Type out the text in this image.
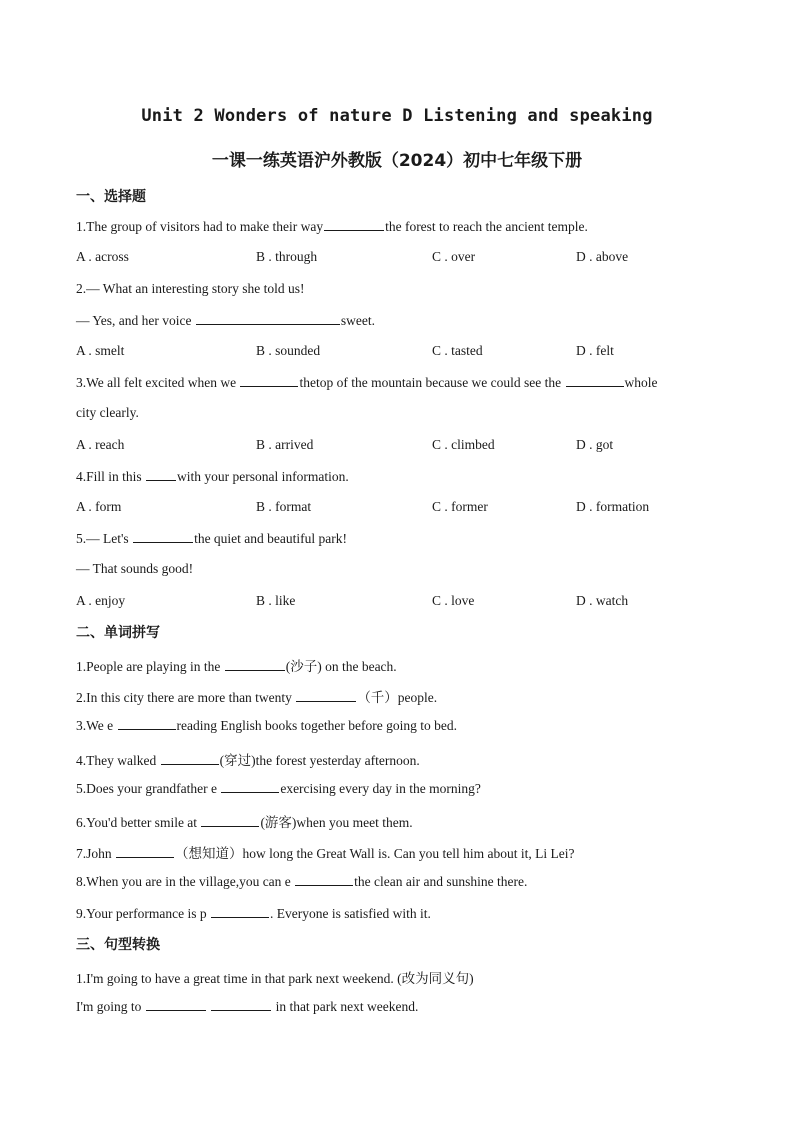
Unit 2 Wonders of nature D Listening and speaking
一课一练英语沪外教版（2024）初中七年级下册
一、选择题
1.The group of visitors had to make their way	the forest to reach the ancient temple.
A . across	B . through	C . over	D . above
2.— What an interesting story she told us!
— Yes, and her voice	sweet.
A . smelt	B . sounded	C . tasted	D . felt
3.We all felt excited when we	thetop of the mountain because we could see the	whole
city clearly.
A . reach	B . arrived	C . climbed	D . got
4.Fill in this with your personal information.
A . form	B . format	C . former	D . formation
5.— Let's	the quiet and beautiful park!
— That sounds good!
A . enjoy	B . like	C . love	D . watch
二、单词拼写
1.People are playing in the	(沙子) on the beach.
2.In this city there are more than twenty	（千）people.
3.We e	reading English books together before going to bed.
4.They walked	(穿过)the forest yesterday afternoon.
5.Does your grandfather e	exercising every day in the morning?
6.You'd better smile at	(游客)when you meet them.
7.John	（想知道）how long the Great Wall is. Can you tell him about it, Li Lei?
8.When you are in the village,you can e	the clean air and sunshine there.
9.Your performance is p	. Everyone is satisfied with it.
三、句型转换
1.I'm going to have a great time in that park next weekend. (改为同义句)
I'm going to	in that park next weekend.
